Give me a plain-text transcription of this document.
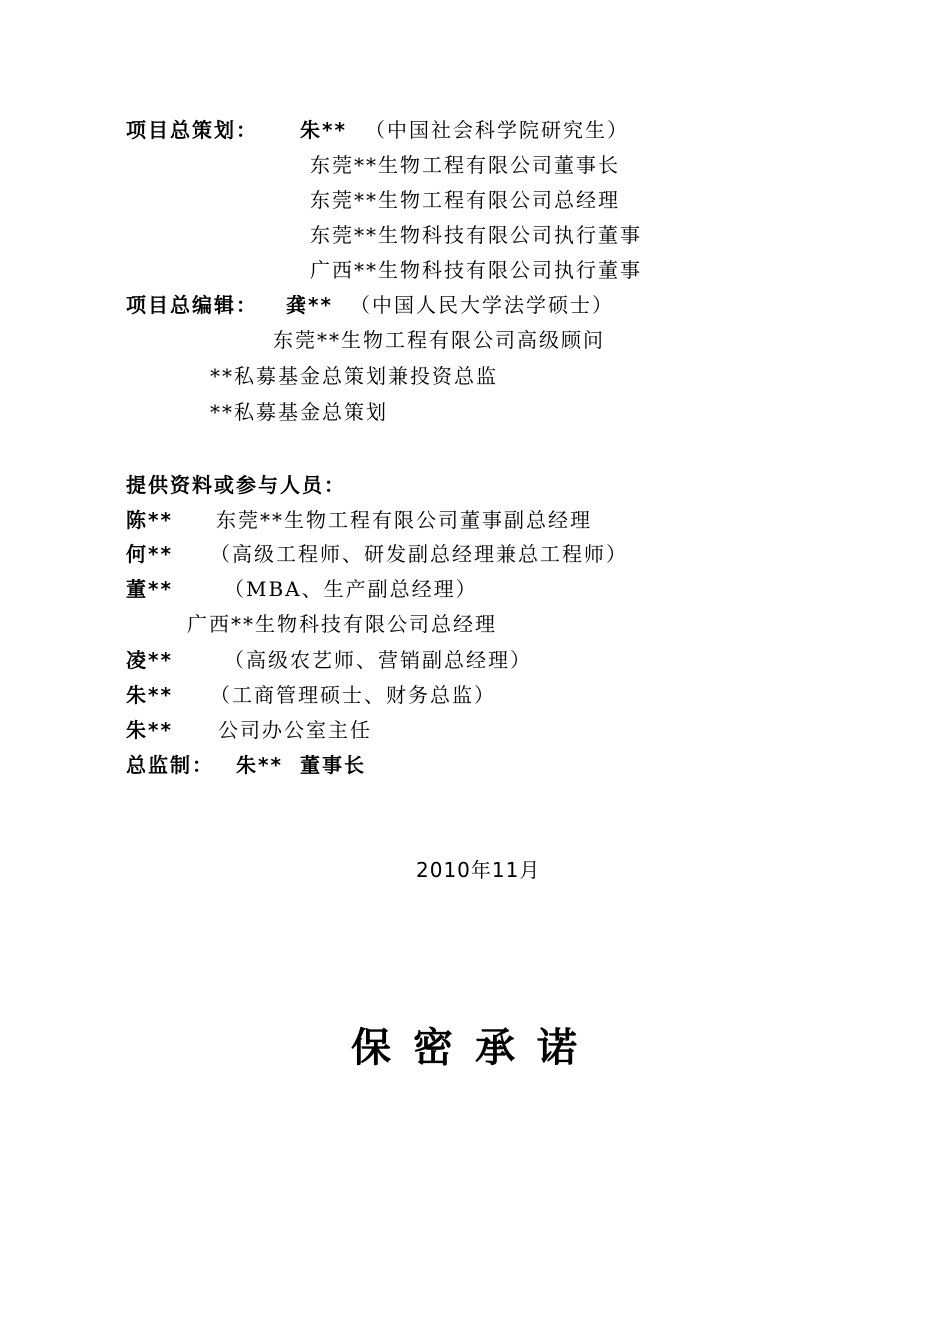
项目总策划： 朱** （中国社会科学院研究生）
东莞**生物工程有限公司董事长
东莞**生物工程有限公司总经理
东莞**生物科技有限公司执行董事
广西**生物科技有限公司执行董事
项目总编辑： 龚** （中国人民大学法学硕士）
东莞**生物工程有限公司高级顾问
**私募基金总策划兼投资总监
**私募基金总策划
提供资料或参与人员：
陈** 东莞**生物工程有限公司董事副总经理
何** （高级工程师、研发副总经理兼总工程师）
董**	（MBA、生产副总经理）
广西**生物科技有限公司总经理
凌**	（高级农艺师、营销副总经理）
朱** （工商管理硕士、财务总监）
朱** 公司办公室主任
总监制： 朱** 董事长
2010年11月
保密承诺
